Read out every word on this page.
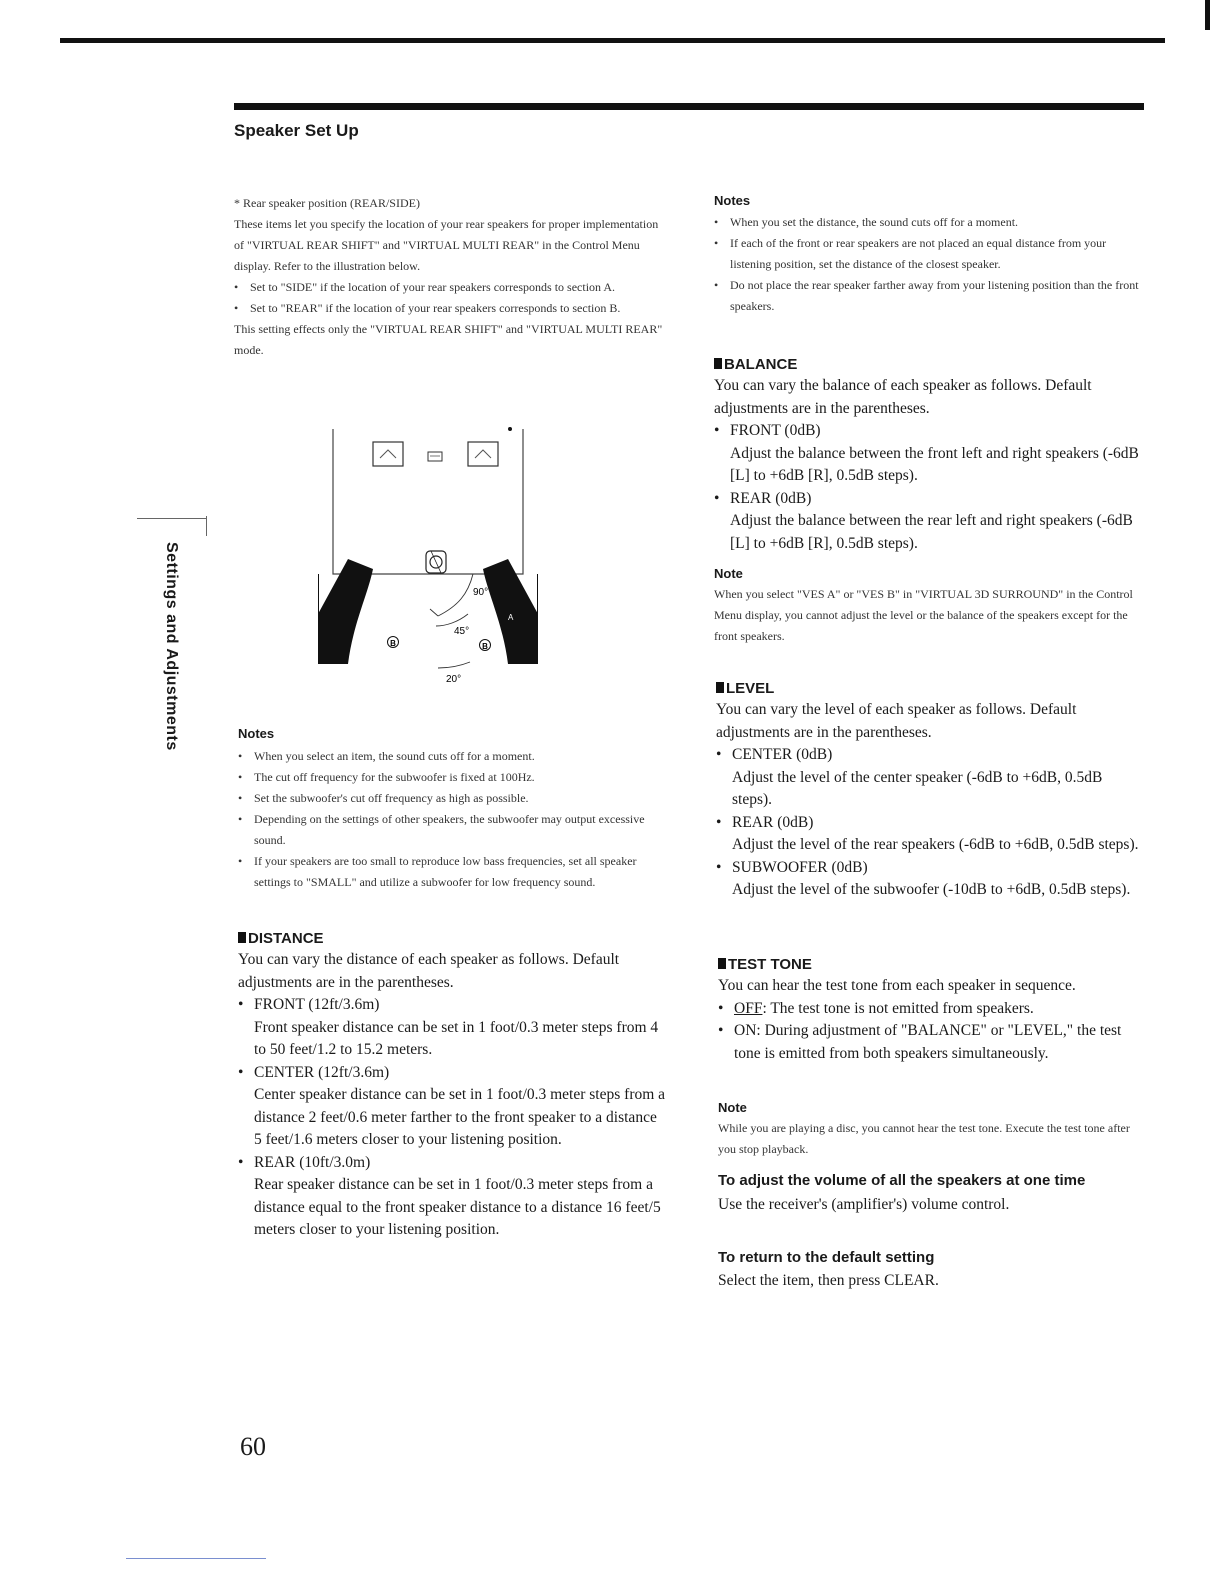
Speaker Set Up
Settings and Adjustments

* Rear speaker position (REAR/SIDE)

These items let you specify the location of your rear speakers for proper implementation of "VIRTUAL REAR SHIFT" and "VIRTUAL MULTI REAR" in the Control Menu display. Refer to the illustration below.

• Set to "SIDE" if the location of your rear speakers corresponds to section A.

• Set to "REAR" if the location of your rear speakers corresponds to section B.

This setting effects only the "VIRTUAL REAR SHIFT" and "VIRTUAL MULTI REAR" mode.

B	B
A	A
90°
45°
20°

Notes

• When you select an item, the sound cuts off for a moment.

• The cut off frequency for the subwoofer is fixed at 100Hz.

• Set the subwoofer's cut off frequency as high as possible.

• Depending on the settings of other speakers, the subwoofer may output excessive sound.

• If your speakers are too small to reproduce low bass frequencies, set all speaker settings to "SMALL" and utilize a subwoofer for low frequency sound.

DISTANCE

You can vary the distance of each speaker as follows. Default adjustments are in the parentheses.

• FRONT (12ft/3.6m)

Front speaker distance can be set in 1 foot/0.3 meter steps from 4 to 50 feet/1.2 to 15.2 meters.

• CENTER (12ft/3.6m)

Center speaker distance can be set in 1 foot/0.3 meter steps from a distance 2 feet/0.6 meter farther to the front speaker to a distance 5 feet/1.6 meters closer to your listening position.

• REAR (10ft/3.0m)

Rear speaker distance can be set in 1 foot/0.3 meter steps from a distance equal to the front speaker distance to a distance 16 feet/5 meters closer to your listening position.

Notes

• When you set the distance, the sound cuts off for a moment.

• If each of the front or rear speakers are not placed an equal distance from your listening position, set the distance of the closest speaker.

• Do not place the rear speaker farther away from your listening position than the front speakers.

BALANCE

You can vary the balance of each speaker as follows. Default adjustments are in the parentheses.

• FRONT (0dB)

Adjust the balance between the front left and right speakers (-6dB [L] to +6dB [R], 0.5dB steps).

• REAR (0dB)

Adjust the balance between the rear left and right speakers (-6dB [L] to +6dB [R], 0.5dB steps).

Note

When you select "VES A" or "VES B" in "VIRTUAL 3D SURROUND" in the Control Menu display, you cannot adjust the level or the balance of the speakers except for the front speakers.

LEVEL

You can vary the level of each speaker as follows. Default adjustments are in the parentheses.

• CENTER (0dB)

Adjust the level of the center speaker (-6dB to +6dB, 0.5dB steps).

• REAR (0dB)

Adjust the level of the rear speakers (-6dB to +6dB, 0.5dB steps).

• SUBWOOFER (0dB)

Adjust the level of the subwoofer (-10dB to +6dB, 0.5dB steps).

TEST TONE

You can hear the test tone from each speaker in sequence.

• OFF: The test tone is not emitted from speakers.

• ON: During adjustment of "BALANCE" or "LEVEL," the test tone is emitted from both speakers simultaneously.

Note

While you are playing a disc, you cannot hear the test tone. Execute the test tone after you stop playback.

To adjust the volume of all the speakers at one time

Use the receiver's (amplifier's) volume control.

To return to the default setting

Select the item, then press CLEAR.

60
